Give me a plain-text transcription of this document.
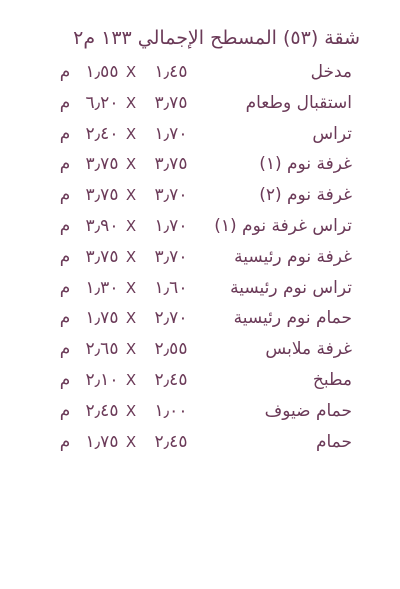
شقة (٥٣) المسطح الإجمالي ١٣٣ م٢
مدخل
١٫٤٥
X
١٫٥٥
م
استقبال وطعام
٣٫٧٥
X
٦٫٢٠
م
تراس
١٫٧٠
X
٢٫٤٠
م
غرفة نوم (١)
٣٫٧٥
X
٣٫٧٥
م
غرفة نوم (٢)
٣٫٧٠
X
٣٫٧٥
م
تراس غرفة نوم (١)
١٫٧٠
X
٣٫٩٠
م
غرفة نوم رئيسية
٣٫٧٠
X
٣٫٧٥
م
تراس نوم رئيسية
١٫٦٠
X
١٫٣٠
م
حمام نوم رئيسية
٢٫٧٠
X
١٫٧٥
م
غرفة ملابس
٢٫٥٥
X
٢٫٦٥
م
مطبخ
٢٫٤٥
X
٢٫١٠
م
حمام ضيوف
١٫٠٠
X
٢٫٤٥
م
حمام
٢٫٤٥
X
١٫٧٥
م
